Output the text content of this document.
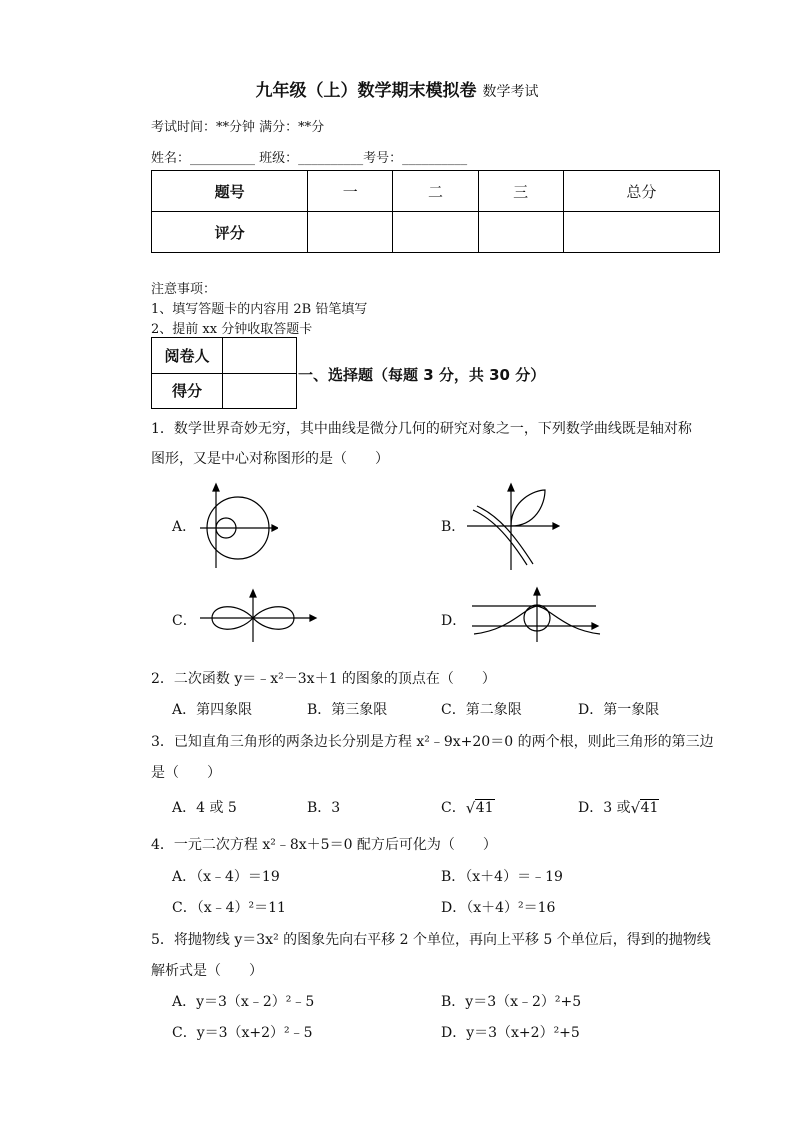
九年级（上）数学期末模拟卷 数学考试
考试时间：**分钟 满分：**分
姓名：__________ 班级：__________考号：__________
题号	一	二	三	总分
评分				
注意事项：
1、填写答题卡的内容用 2B 铅笔填写
2、提前 xx 分钟收取答题卡
阅卷人	
得分	
一、选择题（每题 3 分，共 30 分）
1．数学世界奇妙无穷，其中曲线是微分几何的研究对象之一，下列数学曲线既是轴对称
图形，又是中心对称图形的是（　　）
A．	B．
C．	D．
2．二次函数 y＝﹣x²－3x＋1 的图象的顶点在（　　）
A．第四象限	B．第三象限	C．第二象限	D．第一象限
3．已知直角三角形的两条边长分别是方程 x²﹣9x+20＝0 的两个根，则此三角形的第三边
是（　　）
A．4 或 5	B．3	C． √ 41	D．3 或 √ 41
4．一元二次方程 x²﹣8x＋5＝0 配方后可化为（　　）
A．（x﹣4）＝19	B．（x＋4）＝﹣19
C．（x﹣4）²＝11	D．（x＋4）²＝16
5．将抛物线 y＝3x² 的图象先向右平移 2 个单位，再向上平移 5 个单位后，得到的抛物线
解析式是（　　）
A．y＝3（x﹣2）²﹣5	B．y＝3（x﹣2）²+5
C．y＝3（x+2）²﹣5	D．y＝3（x+2）²+5
